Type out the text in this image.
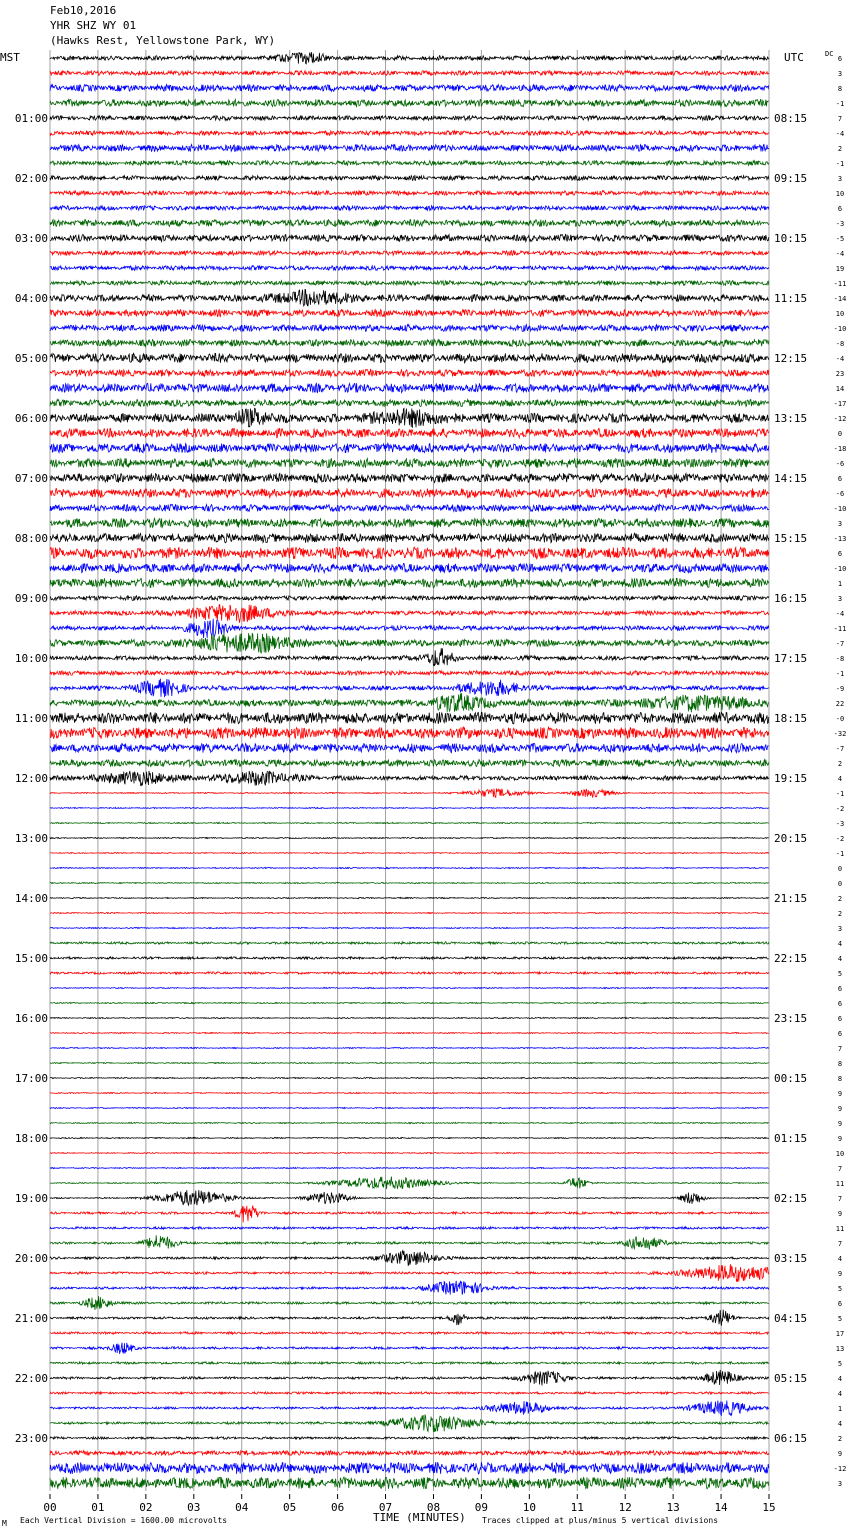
Feb10,2016
YHR SHZ WY 01
(Hawks Rest, Yellowstone Park, WY)
00	01	02	03	04	05	06	07	08	09	10	11	12	13	14	15
01:00	08:15
02:00	09:15
03:00	10:15
04:00	11:15
05:00	12:15
06:00	13:15
07:00	14:15
08:00	15:15
09:00	16:15
10:00	17:15
11:00	18:15
12:00	19:15
13:00	20:15
14:00	21:15
15:00	22:15
16:00	23:15
17:00	00:15
18:00	01:15
19:00	02:15
20:00	03:15
21:00	04:15
22:00	05:15
23:00	06:15
6
3
8
-1
7
-4
2
-1
3
10
6
-3
-5
-4
19
-11
-14
10
-10
-8
-4
23
14
-17
-12
0
-18
-6
6
-6
-10
3
-13
6
-10
1
3
-4
-11
-7
-8
-1
-9
22
-0
-32
-7
2
4
-1
-2
-3
-2
-1
0
0
2
2
3
4
4
5
6
6
6
6
7
8
8
9
9
9
9
10
7
11
7
9
11
7
4
9
5
6
5
17
13
5
4
4
1
4
2
9
-12
3
MST	UTC	DC
TIME (MINUTES)
M Each Vertical Division = 1600.00 microvolts	Traces clipped at plus/minus 5 vertical divisions
